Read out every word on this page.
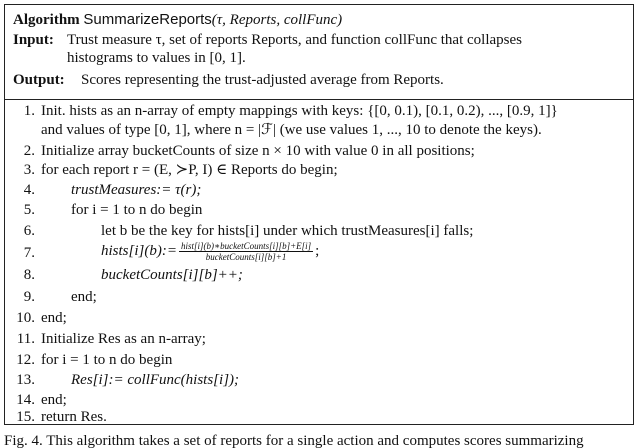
Algorithm SummarizeReports(τ, Reports, collFunc)
Input: Trust measure τ, set of reports Reports, and function collFunc that collapses
histograms to values in [0, 1].
Output: Scores representing the trust-adjusted average from Reports.
1. Init. hists as an n-array of empty mappings with keys: {[0, 0.1), [0.1, 0.2), ..., [0.9, 1]}
and values of type [0, 1], where n = |ℱ| (we use values 1, ..., 10 to denote the keys).
2. Initialize array bucketCounts of size n × 10 with value 0 in all positions;
3. for each report r = (E, ≻P, I) ∈ Reports do begin;
4. trustMeasures:= τ(r);
5. for i = 1 to n do begin
6.	let b be the key for hists[i] under which trustMeasures[i] falls;
7.	hists[i](b):= $\frac{\text{hist[i](b)∗bucketCounts[i][b]+E[i]}}{\text{bucketCounts[i][b]+1}}$ ;
8.	bucketCounts[i][b]++;
9. end;
10. end;
11. Initialize Res as an n-array;
12. for i = 1 to n do begin
13. Res[i]:= collFunc(hists[i]);
14. end;
15. return Res.
Fig. 4. This algorithm takes a set of reports for a single action and computes scores summarizing
